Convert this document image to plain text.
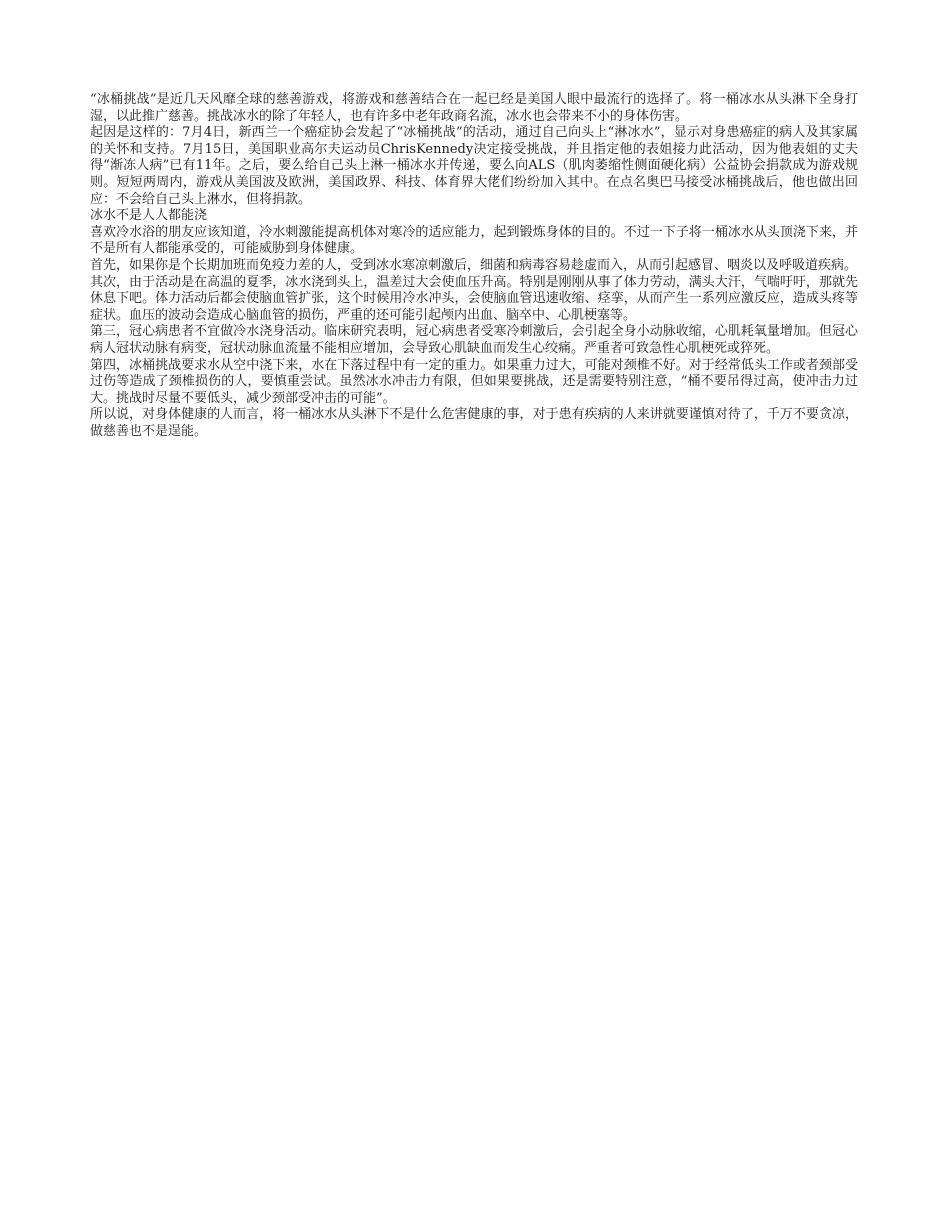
“冰桶挑战”是近几天风靡全球的慈善游戏，将游戏和慈善结合在一起已经是美国人眼中最流行的选择了。将一桶冰水从头淋下全身打湿，以此推广慈善。挑战冰水的除了年轻人，也有许多中老年政商名流，冰水也会带来不小的身体伤害。

起因是这样的：7月4日，新西兰一个癌症协会发起了“冰桶挑战”的活动，通过自己向头上“淋冰水”，显示对身患癌症的病人及其家属的关怀和支持。7月15日，美国职业高尔夫运动员ChrisKennedy决定接受挑战，并且指定他的表姐接力此活动，因为他表姐的丈夫得“渐冻人病”已有11年。之后，要么给自己头上淋一桶冰水并传递，要么向ALS（肌肉萎缩性侧面硬化病）公益协会捐款成为游戏规则。短短两周内，游戏从美国波及欧洲，美国政界、科技、体育界大佬们纷纷加入其中。在点名奥巴马接受冰桶挑战后，他也做出回应：不会给自己头上淋水，但将捐款。

冰水不是人人都能浇

喜欢冷水浴的朋友应该知道，冷水刺激能提高机体对寒冷的适应能力，起到锻炼身体的目的。不过一下子将一桶冰水从头顶浇下来，并不是所有人都能承受的，可能威胁到身体健康。

首先，如果你是个长期加班而免疫力差的人，受到冰水寒凉刺激后，细菌和病毒容易趁虚而入，从而引起感冒、咽炎以及呼吸道疾病。

其次，由于活动是在高温的夏季，冰水浇到头上，温差过大会使血压升高。特别是刚刚从事了体力劳动，满头大汗，气喘吁吁，那就先休息下吧。体力活动后都会使脑血管扩张，这个时候用冷水冲头，会使脑血管迅速收缩、痉挛，从而产生一系列应激反应，造成头疼等症状。血压的波动会造成心脑血管的损伤，严重的还可能引起颅内出血、脑卒中、心肌梗塞等。

第三，冠心病患者不宜做冷水浇身活动。临床研究表明，冠心病患者受寒冷刺激后，会引起全身小动脉收缩，心肌耗氧量增加。但冠心病人冠状动脉有病变，冠状动脉血流量不能相应增加，会导致心肌缺血而发生心绞痛。严重者可致急性心肌梗死或猝死。

第四，冰桶挑战要求水从空中浇下来，水在下落过程中有一定的重力。如果重力过大，可能对颈椎不好。对于经常低头工作或者颈部受过伤等造成了颈椎损伤的人，要慎重尝试。虽然冰水冲击力有限，但如果要挑战，还是需要特别注意，“桶不要吊得过高，使冲击力过大。挑战时尽量不要低头，减少颈部受冲击的可能”。

所以说，对身体健康的人而言，将一桶冰水从头淋下不是什么危害健康的事，对于患有疾病的人来讲就要谨慎对待了，千万不要贪凉，做慈善也不是逞能。
